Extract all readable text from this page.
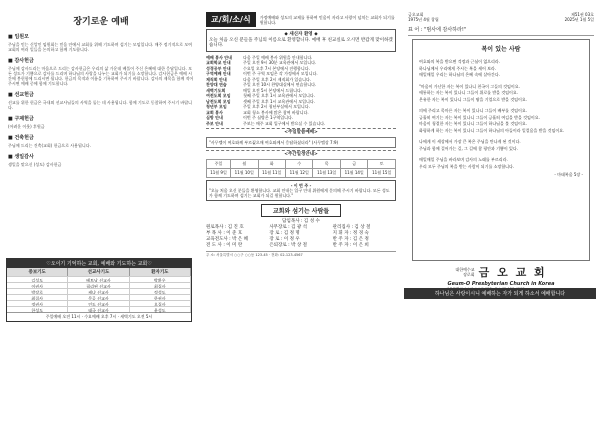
장기로운 예배
■ 임원모

주님을 믿는 신앙인 임원회는 믿음 안에서 교회를 위해 기도하며 섬기는 모임입니다. 매주 정기적으로 모여 교회의 여러 일들을 논의하고 함께 기도합니다.

■ 감사헌금

주님께 감사드리는 마음으로 드리는 감사헌금은 우리의 삶 가운데 베풀어 주신 은혜에 대한 응답입니다. 모든 성도가 기쁨으로 감사를 드리며 하나님의 사랑을 나누는 교회가 되기를 소망합니다. 감사헌금은 예배 시간에 봉헌함에 드리시면 됩니다. 헌금의 목적과 이름을 기록하여 주시기 바랍니다. 감사의 제목을 함께 적어 주시면 예배 중에 함께 기도합니다.

■ 선교헌금

선교를 위한 헌금은 국내외 선교사님들의 사역을 돕는 데 사용됩니다. 함께 기도로 동참하여 주시기 바랍니다.

■ 구제헌금

(어려운 이웃) 후원금

■ 건축헌금

주님께 드리는 건축(교회) 헌금으로 사용됩니다.

■ 생일감사

생일을 맞으신 (성도) 감사헌금

♡오이기 기억하는 교회, 예배와 기도하는 교회♡
중보기도	선교사기도	환자기도
김성도	베트남 선교사	박환우
이권사	필리핀 선교사	최집사
박장로	케냐 선교사	정성도
최집사	몽골 선교사	한권사
정권사	인도 선교사	오집사
한성도	태국 선교사	윤성도
주일예배 오전 11시 · 수요예배 오후 7시 · 새벽기도 오전 5시
교/회/소/식	가정예배와 성도의 교제를 통하여 믿음이 자라고 사랑이 넘치는 교회가 되기를 원합니다.
◆ 새신자 환영 ◆
오늘 처음 오신 분들을 주님의 이름으로 환영합니다. 예배 후 친교실로 오시면 반갑게 맞이하겠습니다.
예배 봉사 안내	다음 주일 예배 봉사 위원을 안내합니다.
교회학교 안내	주일 오전 9시 30분 교육관에서 모입니다.
성경공부 안내	수요일 오후 7시 본당에서 진행합니다.
구역예배 안내	이번 주 구역 모임은 각 가정에서 모입니다.
제직회 안내	다음 주일 오후 2시 제직회가 있습니다.
찬양대 연습	주일 오전 10시 찬양대실에서 연습합니다.
새벽기도회	매일 오전 5시 본당에서 드립니다.
여전도회 모임	첫째 주일 오후 1시 교육관에서 모입니다.
남전도회 모임	셋째 주일 오후 1시 교육관에서 모입니다.
청년부 모임	주일 오후 2시 청년부실에서 모입니다.
교회 봉사	교회 청소 봉사에 많은 참여 바랍니다.
심방 안내	이번 주 심방은 1구역입니다.
주보 안내	주보는 매주 교회 입구에서 받으실 수 있습니다.
<주일말씀예배>
"사무엘이 여호와께 부르짖으매 여호와께서 응답하셨더라" (사무엘상 7:9)
<주간일정안내>
주일	월	화	수	목	금	토
11월 9일	11월 10일	11월 11일	11월 12일	11월 13일	11월 14일	11월 15일
- 이 번 주 -
"오늘 처음 오신 분들을 환영합니다. 교회 안내는 입구 안내 위원에게 문의해 주시기 바랍니다. 모든 성도가 함께 기도하며 섬기는 교회가 되길 원합니다."
교회와 섬기는 사람들
담임목사 : 김 성 수
원로목사 : 김 진 호	사무장로 : 김 광 석	관리집사 : 김 상 철
부 목 사 : 이 준 호	장 로 : 김 정 명	지 휘 자 : 정 경 숙
교육전도사 : 박 은 혜	장 로 : 이 정 우	반 주 자 : 김 은 정
전 도 사 : 이 미 란	은퇴장로 : 박 상 철	반 주 자 : 이 은 희
주 소: 서울특별시 ○○구 ○○동 123-45 · 전화: 02-123-4567
금오교회
1975년 4월 창립
제51권 03호
2025년 1월 5일
표 어 : "범사에 감사하라!"
복이 있는 사람

여호와의 복을 받으면 걱정과 근심이 없으리라.

하나님께서 우리에게 주시는 복을 세어 보라.

매일매일 우리는 하나님의 은혜 속에 살아간다.

"마음이 가난한 자는 복이 있나니 천국이 그들의 것임이요.

애통하는 자는 복이 있나니 그들이 위로를 받을 것임이요.

온유한 자는 복이 있나니 그들이 땅을 기업으로 받을 것임이요.

의에 주리고 목마른 자는 복이 있나니 그들이 배부를 것임이요.

긍휼히 여기는 자는 복이 있나니 그들이 긍휼히 여김을 받을 것임이요.

마음이 청결한 자는 복이 있나니 그들이 하나님을 볼 것임이요.

화평하게 하는 자는 복이 있나니 그들이 하나님의 아들이라 일컬음을 받을 것임이요.

나에게 이 세상에서 가장 큰 복은 주님을 만나게 된 것이다.

주님과 함께 걸어가는 길, 그 길에 참 평안과 기쁨이 있다.

매일매일 주님을 바라보며 감사의 노래를 부르리라.

우리 모두 주님의 복을 받는 사람이 되기를 소망합니다.

- 마태복음 5장 -
대한예수교
장로회 금 오 교 회
Geum-O Presbyterian Church in Korea
하나님은 사랑이시니 예배하는 자가 되게 하소서 예배합니다
